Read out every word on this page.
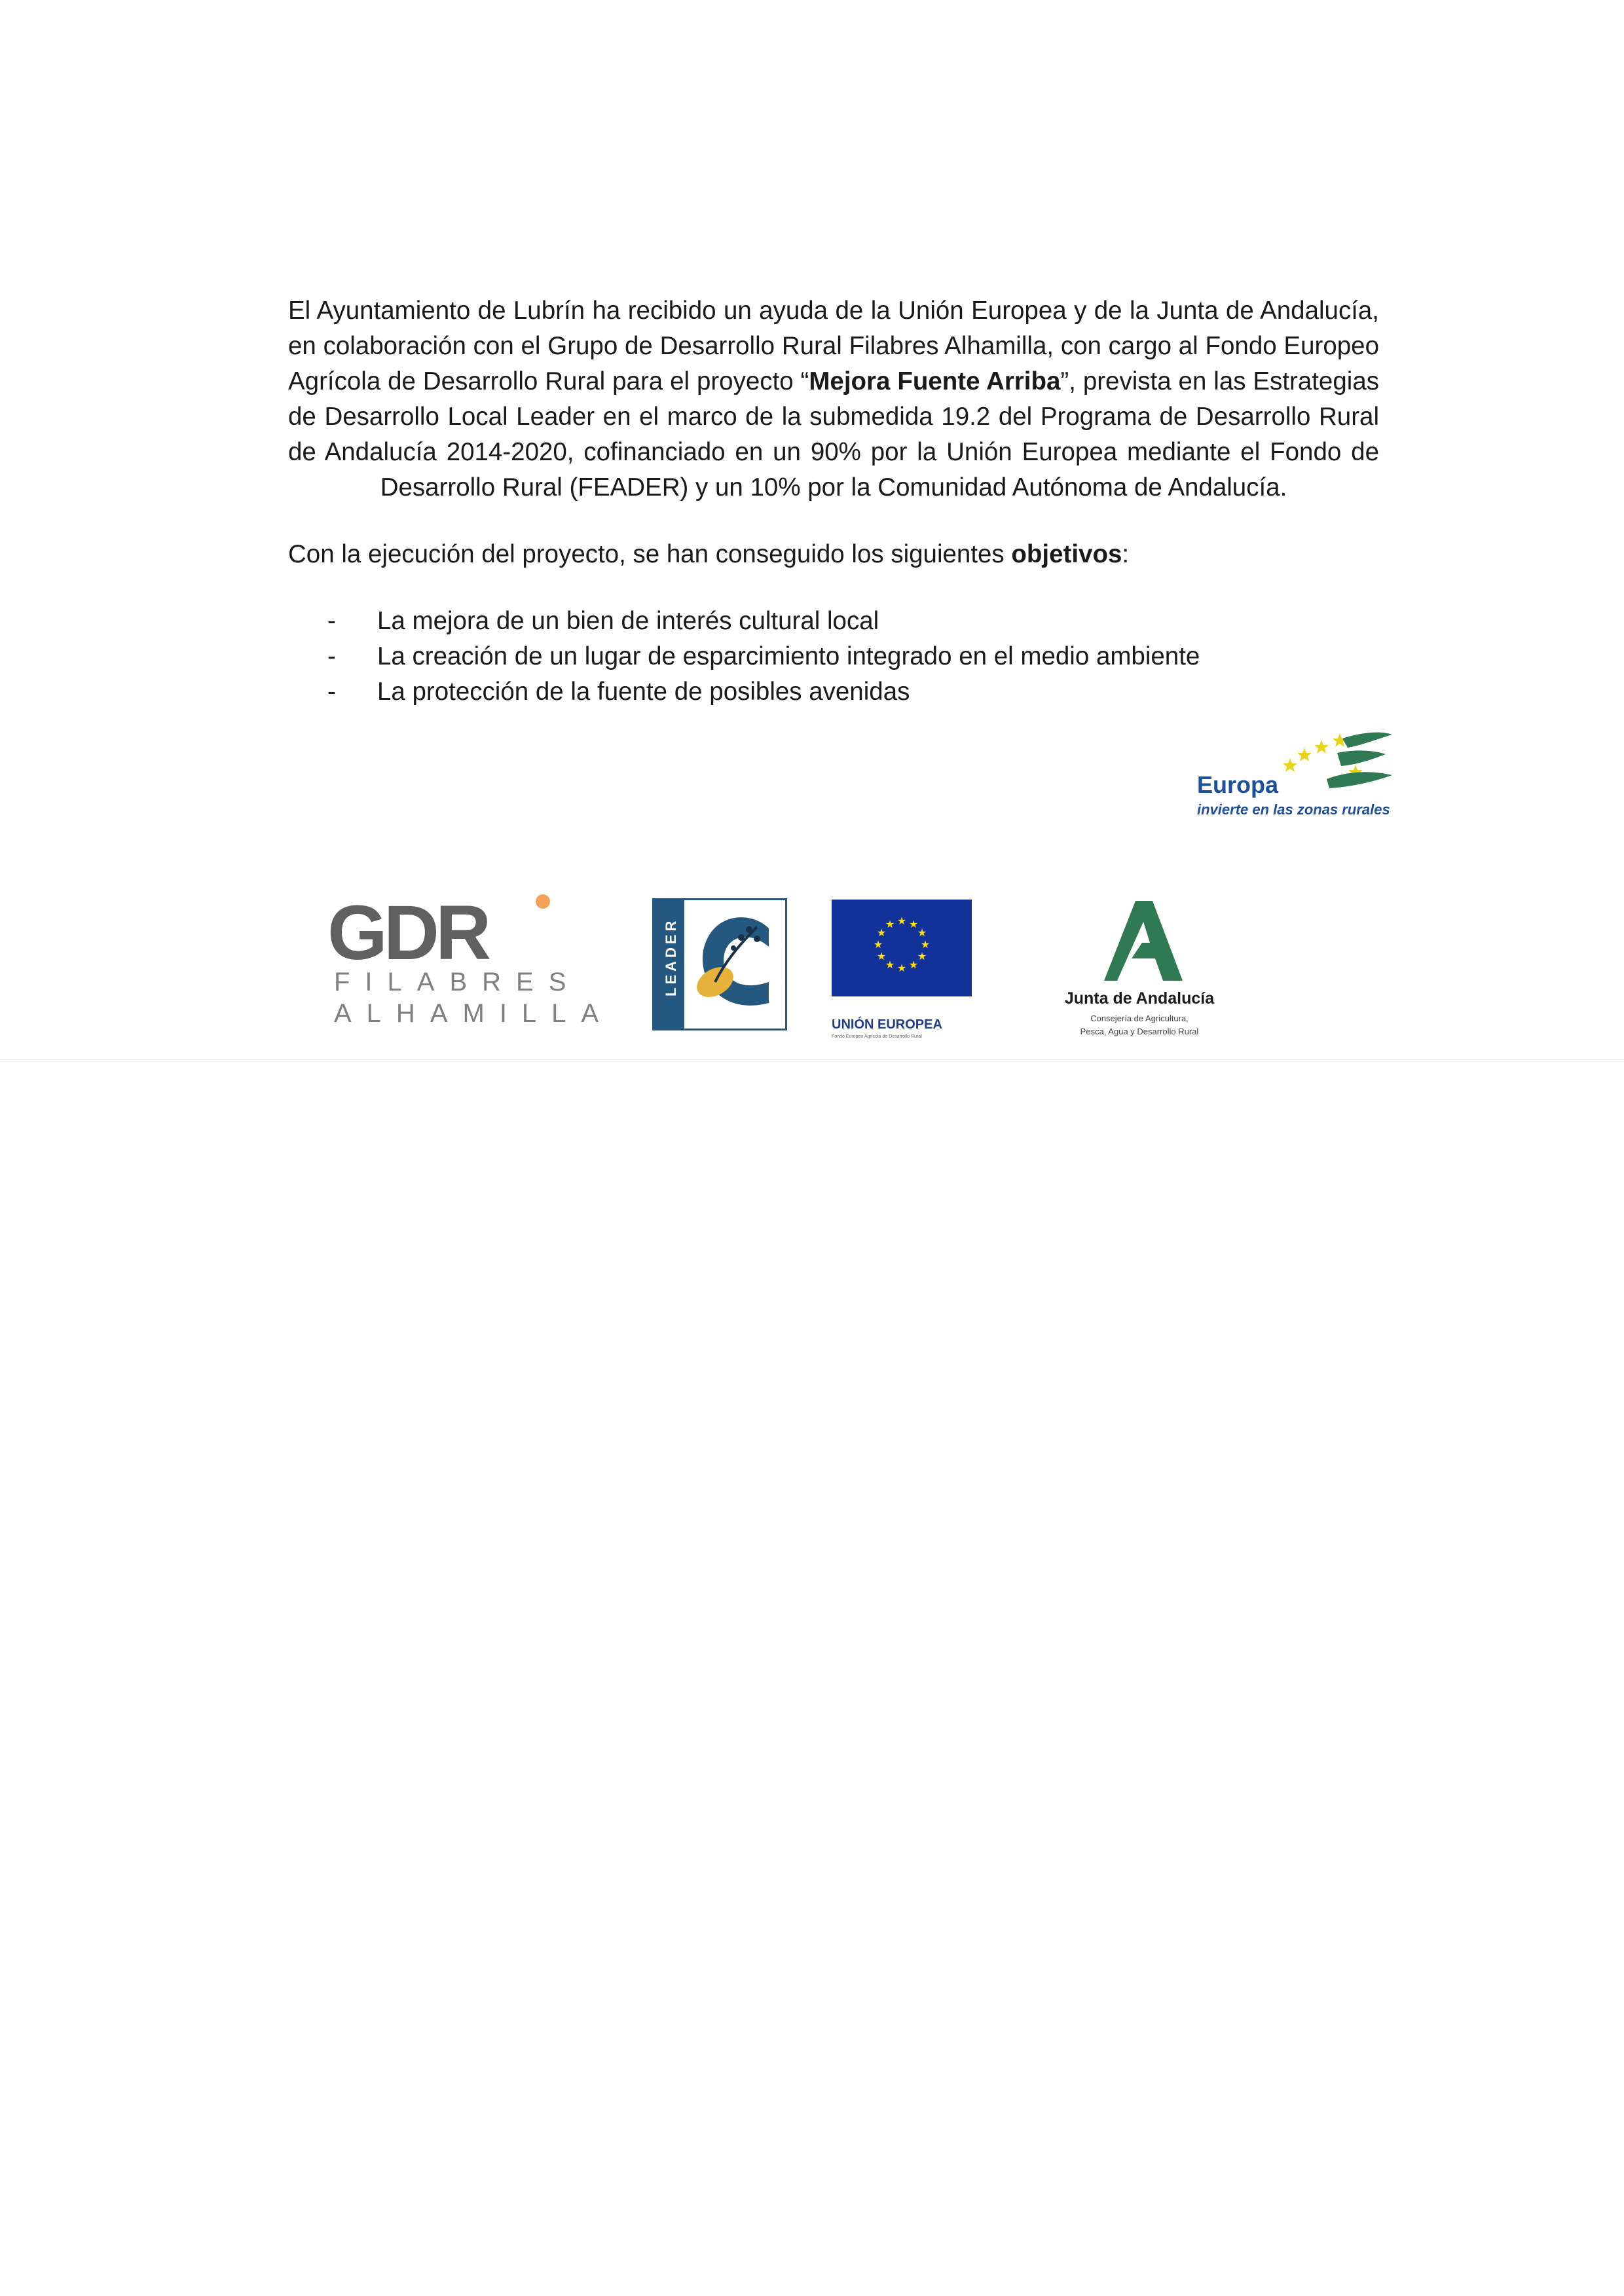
El Ayuntamiento de Lubrín ha recibido un ayuda de la Unión Europea y de la Junta de Andalucía, en colaboración con el Grupo de Desarrollo Rural Filabres Alhamilla, con cargo al Fondo Europeo Agrícola de Desarrollo Rural para el proyecto “Mejora Fuente Arriba”, prevista en las Estrategias de Desarrollo Local Leader en el marco de la submedida 19.2 del Programa de Desarrollo Rural de Andalucía 2014-2020, cofinanciado en un 90% por la Unión Europea mediante el Fondo de Desarrollo Rural (FEADER) y un 10% por la Comunidad Autónoma de Andalucía.

Con la ejecución del proyecto, se han conseguido los siguientes objetivos:

- La mejora de un bien de interés cultural local
- La creación de un lugar de esparcimiento integrado en el medio ambiente
- La protección de la fuente de posibles avenidas
Europa
invierte en las zonas rurales
GDR
FILABRES
ALHAMILLA
LEADER	★ ★
★
★
★
★
★
★
★
★
★
★
UNIÓN EUROPEA
Fondo Europeo Agrícola de Desarrollo Rural
Junta de Andalucía
Consejería de Agricultura,
Pesca, Agua y Desarrollo Rural
